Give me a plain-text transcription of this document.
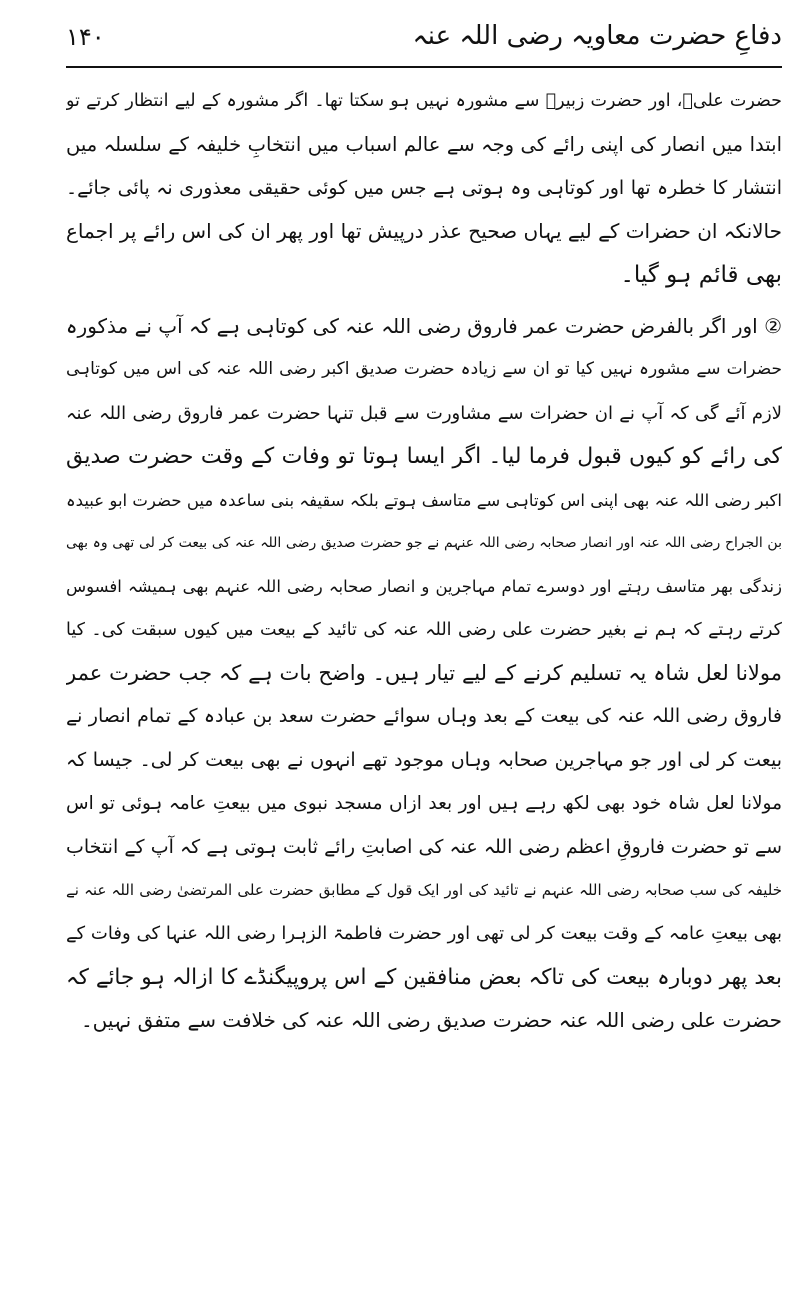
دفاعِ حضرت معاویہ رضی اللہ عنہ
۱۴۰
حضرت علیؓ، اور حضرت زبیرؓ سے مشورہ نہیں ہو سکتا تھا۔ اگر مشورہ کے لیے انتظار کرتے تو
ابتدا میں انصار کی اپنی رائے کی وجہ سے عالم اسباب میں انتخابِ خلیفہ کے سلسلہ میں
انتشار کا خطرہ تھا اور کوتاہی وہ ہوتی ہے جس میں کوئی حقیقی معذوری نہ پائی جائے۔
حالانکہ ان حضرات کے لیے یہاں صحیح عذر درپیش تھا اور پھر ان کی اس رائے پر اجماع
بھی قائم ہو گیا۔
② اور اگر بالفرض حضرت عمر فاروق رضی اللہ عنہ کی کوتاہی ہے کہ آپ نے مذکورہ
حضرات سے مشورہ نہیں کیا تو ان سے زیادہ حضرت صدیق اکبر رضی اللہ عنہ کی اس میں کوتاہی
لازم آئے گی کہ آپ نے ان حضرات سے مشاورت سے قبل تنہا حضرت عمر فاروق رضی اللہ عنہ
کی رائے کو کیوں قبول فرما لیا۔ اگر ایسا ہوتا تو وفات کے وقت حضرت صدیق
اکبر رضی اللہ عنہ بھی اپنی اس کوتاہی سے متاسف ہوتے بلکہ سقیفہ بنی ساعدہ میں حضرت ابو عبیدہ
بن الجراح رضی اللہ عنہ اور انصار صحابہ رضی اللہ عنہم نے جو حضرت صدیق رضی اللہ عنہ کی بیعت کر لی تھی وہ بھی
زندگی بھر متاسف رہتے اور دوسرے تمام مہاجرین و انصار صحابہ رضی اللہ عنہم بھی ہمیشہ افسوس
کرتے رہتے کہ ہم نے بغیر حضرت علی رضی اللہ عنہ کی تائید کے بیعت میں کیوں سبقت کی۔ کیا
مولانا لعل شاہ یہ تسلیم کرنے کے لیے تیار ہیں۔ واضح بات ہے کہ جب حضرت عمر
فاروق رضی اللہ عنہ کی بیعت کے بعد وہاں سوائے حضرت سعد بن عبادہ کے تمام انصار نے
بیعت کر لی اور جو مہاجرین صحابہ وہاں موجود تھے انہوں نے بھی بیعت کر لی۔ جیسا کہ
مولانا لعل شاہ خود بھی لکھ رہے ہیں اور بعد ازاں مسجد نبوی میں بیعتِ عامہ ہوئی تو اس
سے تو حضرت فاروقِ اعظم رضی اللہ عنہ کی اصابتِ رائے ثابت ہوتی ہے کہ آپ کے انتخاب
خلیفہ کی سب صحابہ رضی اللہ عنہم نے تائید کی اور ایک قول کے مطابق حضرت علی المرتضیٰ رضی اللہ عنہ نے
بھی بیعتِ عامہ کے وقت بیعت کر لی تھی اور حضرت فاطمۃ الزہرا رضی اللہ عنہا کی وفات کے
بعد پھر دوبارہ بیعت کی تاکہ بعض منافقین کے اس پروپیگنڈے کا ازالہ ہو جائے کہ
حضرت علی رضی اللہ عنہ حضرت صدیق رضی اللہ عنہ کی خلافت سے متفق نہیں۔
